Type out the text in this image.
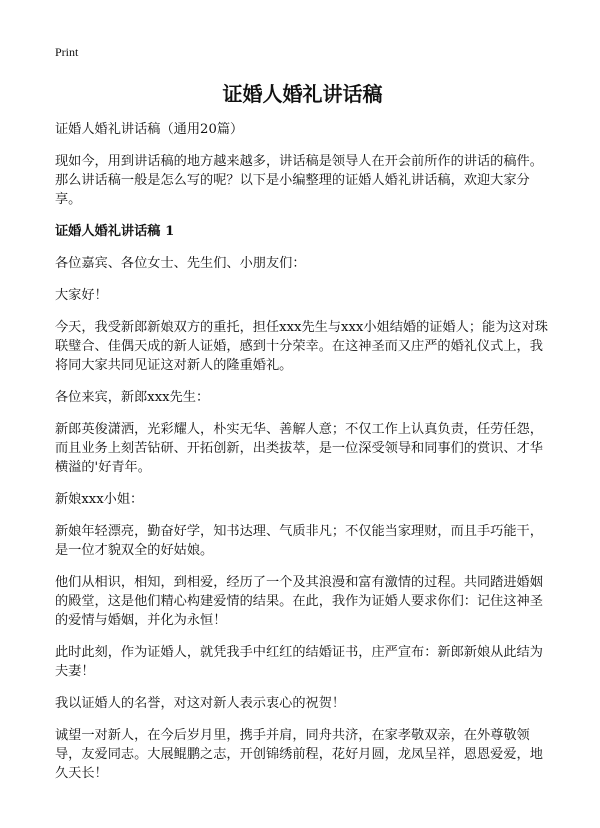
Print
证婚人婚礼讲话稿

证婚人婚礼讲话稿（通用20篇）

现如今，用到讲话稿的地方越来越多，讲话稿是领导人在开会前所作的讲话的稿件。那么讲话稿一般是怎么写的呢？以下是小编整理的证婚人婚礼讲话稿，欢迎大家分享。

证婚人婚礼讲话稿 1

各位嘉宾、各位女士、先生们、小朋友们：

大家好！

今天，我受新郎新娘双方的重托，担任xxx先生与xxx小姐结婚的证婚人；能为这对珠联璧合、佳偶天成的新人证婚，感到十分荣幸。在这神圣而又庄严的婚礼仪式上，我将同大家共同见证这对新人的隆重婚礼。

各位来宾，新郎xxx先生：

新郎英俊潇洒，光彩耀人，朴实无华、善解人意；不仅工作上认真负责，任劳任怨，而且业务上刻苦钻研、开拓创新，出类拔萃，是一位深受领导和同事们的赏识、才华横溢的'好青年。

新娘xxx小姐：

新娘年轻漂亮，勤奋好学，知书达理、气质非凡；不仅能当家理财，而且手巧能干，是一位才貌双全的好姑娘。

他们从相识，相知，到相爱，经历了一个及其浪漫和富有激情的过程。共同踏进婚姻的殿堂，这是他们精心构建爱情的结果。在此，我作为证婚人要求你们：记住这神圣的爱情与婚姻，并化为永恒！

此时此刻，作为证婚人，就凭我手中红红的结婚证书，庄严宣布：新郎新娘从此结为夫妻！

我以证婚人的名誉，对这对新人表示衷心的祝贺！

诚望一对新人，在今后岁月里，携手并肩，同舟共济，在家孝敬双亲，在外尊敬领导，友爱同志。大展鲲鹏之志，开创锦绣前程，花好月圆，龙凤呈祥，恩恩爱爱，地久天长！
